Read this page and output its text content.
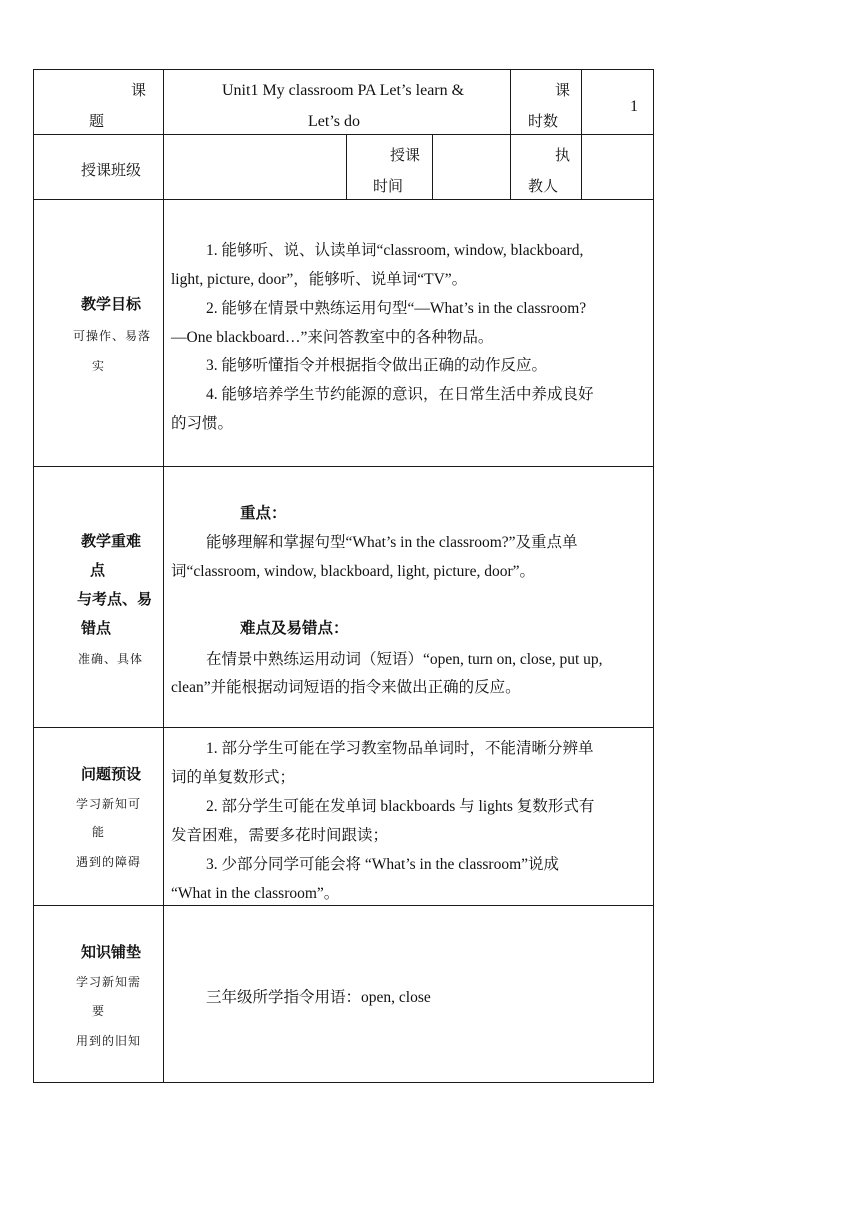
课
题
Unit1 My classroom PA Let’s learn &
Let’s do
课
时数
1
授课班级
授课
时间
执
教人
教学目标
可操作、易落
实
1. 能够听、说、认读单词“classroom, window, blackboard,
light, picture, door”，能够听、说单词“TV”。
2. 能够在情景中熟练运用句型“—What’s in the classroom?
—One blackboard…”来问答教室中的各种物品。
3. 能够听懂指令并根据指令做出正确的动作反应。
4. 能够培养学生节约能源的意识，在日常生活中养成良好
的习惯。
教学重难
点
与考点、易
错点
准确、具体
重点：
能够理解和掌握句型“What’s in the classroom?”及重点单
词“classroom, window, blackboard, light, picture, door”。
难点及易错点：
在情景中熟练运用动词（短语）“open, turn on, close, put up,
clean”并能根据动词短语的指令来做出正确的反应。
问题预设
学习新知可
能
遇到的障碍
1. 部分学生可能在学习教室物品单词时，不能清晰分辨单
词的单复数形式；
2. 部分学生可能在发单词 blackboards 与 lights 复数形式有
发音困难，需要多花时间跟读；
3. 少部分同学可能会将 “What’s in the classroom”说成
“What in the classroom”。
知识铺垫
学习新知需
要
用到的旧知
三年级所学指令用语：open, close
